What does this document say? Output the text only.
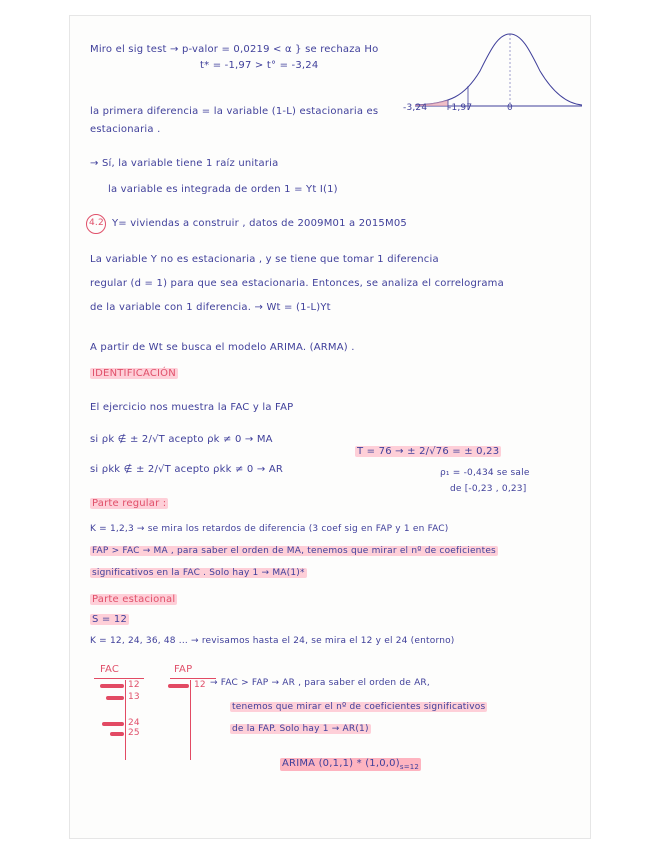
-3,24 -1,97	0
Miro el sig test → p-valor = 0,0219 < α } se rechaza Ho
t* = -1,97 > t° = -3,24
la primera diferencia = la variable (1-L) estacionaria es
estacionaria .
→ Sí, la variable tiene 1 raíz unitaria
la variable es integrada de orden 1 = Yt I(1)
4.2 Y= viviendas a construir , datos de 2009M01 a 2015M05
La variable Y no es estacionaria , y se tiene que tomar 1 diferencia
regular (d = 1) para que sea estacionaria. Entonces, se analiza el correlograma
de la variable con 1 diferencia. → Wt = (1-L)Yt
A partir de Wt se busca el modelo ARIMA. (ARMA) .
IDENTIFICACIÓN
El ejercicio nos muestra la FAC y la FAP
si ρk ∉ ± 2/√T acepto ρk ≠ 0 → MA
T = 76 → ± 2/√76 = ± 0,23
si ρkk ∉ ± 2/√T acepto ρkk ≠ 0 → AR	ρ₁ = -0,434 se sale
de [-0,23 , 0,23]
Parte regular :
K = 1,2,3 → se mira los retardos de diferencia (3 coef sig en FAP y 1 en FAC)
FAP > FAC → MA , para saber el orden de MA, tenemos que mirar el nº de coeficientes
significativos en la FAC . Solo hay 1 → MA(1)*
Parte estacional
S = 12
K = 12, 24, 36, 48 ... → revisamos hasta el 24, se mira el 12 y el 24 (entorno)
FAC
12
13
24
25
FAP
12 → FAC > FAP → AR , para saber el orden de AR,
tenemos que mirar el nº de coeficientes significativos
de la FAP. Solo hay 1 → AR(1)
ARIMA $(0,1,1) * (1,0,0)_{s=12}$
